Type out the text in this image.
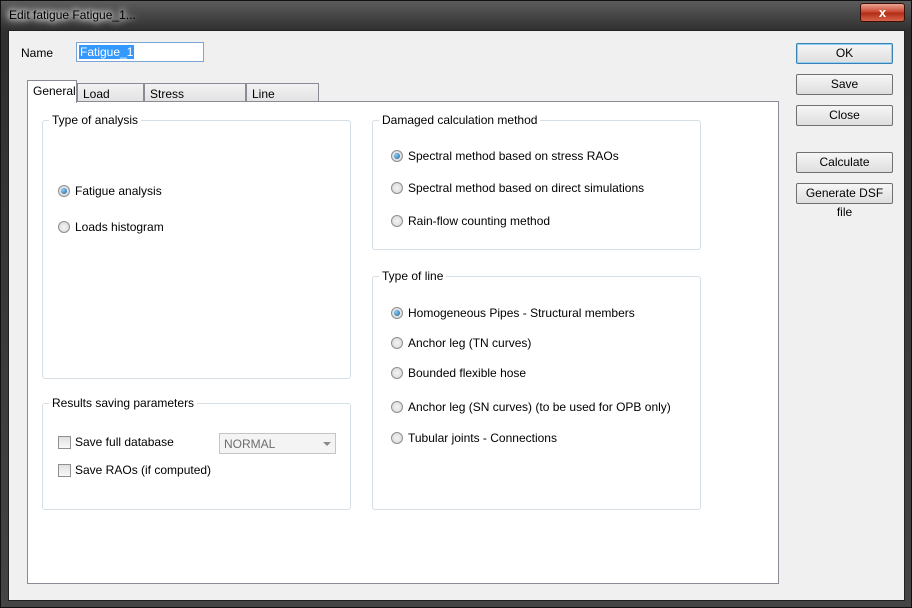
Edit fatigue Fatigue_1...	x
Name	Fatigue_1	OK
Save
Close
Calculate
Generate DSF file
General Load	Stress	Line
Type of analysis
Fatigue analysis
Loads histogram
Results saving parameters
Save full database
Save RAOs (if computed)
NORMAL
Damaged calculation method
Spectral method based on stress RAOs
Spectral method based on direct simulations
Rain-flow counting method
Type of line
Homogeneous Pipes - Structural members
Anchor leg (TN curves)
Bounded flexible hose
Anchor leg (SN curves) (to be used for OPB only)
Tubular joints - Connections
